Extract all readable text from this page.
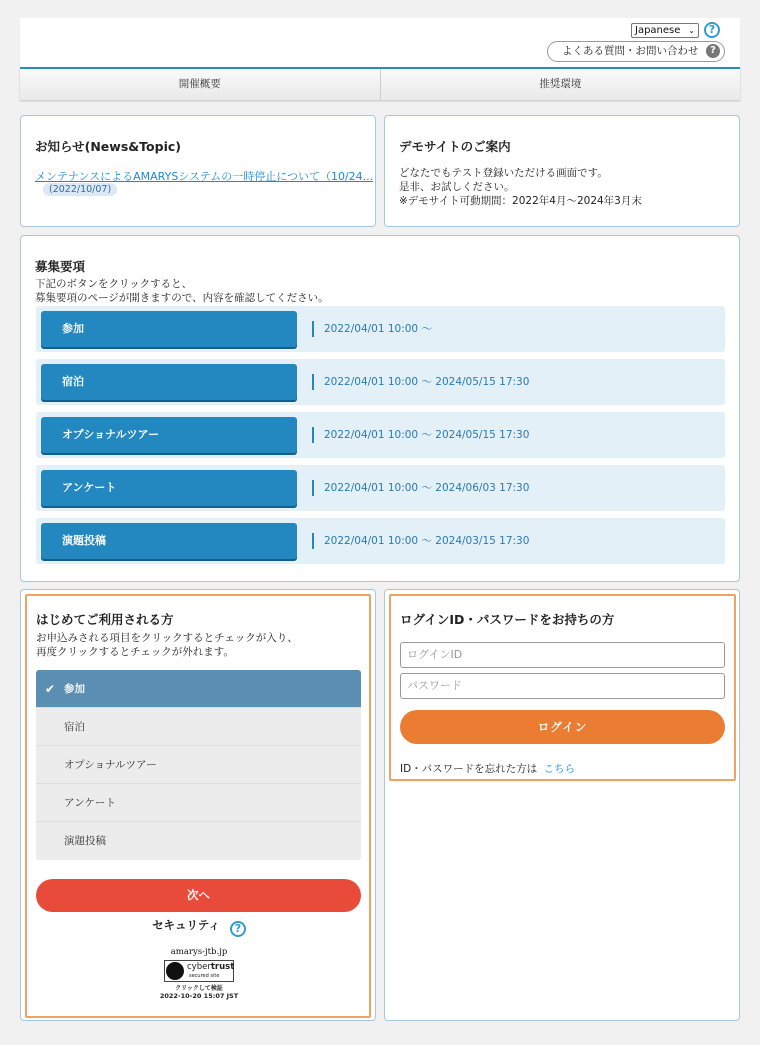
Japanese ⌄	?
よくある質問・お問い合わせ	?
開催概要	推奨環境
お知らせ(News&Topic)
メンテナンスによるAMARYSシステムの一時停止について（10/24...
(2022/10/07)
デモサイトのご案内
どなたでもテスト登録いただける画面です。
是非、お試しください。
※デモサイト可動期間：2022年4月～2024年3月末
募集要項
下記のボタンをクリックすると、
募集要項のページが開きますので、内容を確認してください。
参加	2022/04/01 10:00 ～
宿泊	2022/04/01 10:00 ～ 2024/05/15 17:30
オプショナルツアー	2022/04/01 10:00 ～ 2024/05/15 17:30
アンケート	2022/04/01 10:00 ～ 2024/06/03 17:30
演題投稿	2022/04/01 10:00 ～ 2024/03/15 17:30
はじめてご利用される方
お申込みされる項目をクリックするとチェックが入り、
再度クリックするとチェックが外れます。
✔ 参加
宿泊
オプショナルツアー
アンケート
演題投稿
次へ
セキュリティ ?
amarys-jtb.jp
cybertrust
secured site
クリックして検証
2022-10-20 15:07 JST
ログインID・パスワードをお持ちの方
ログインID
パスワード
ログイン
ID・パスワードを忘れた方は こちら
